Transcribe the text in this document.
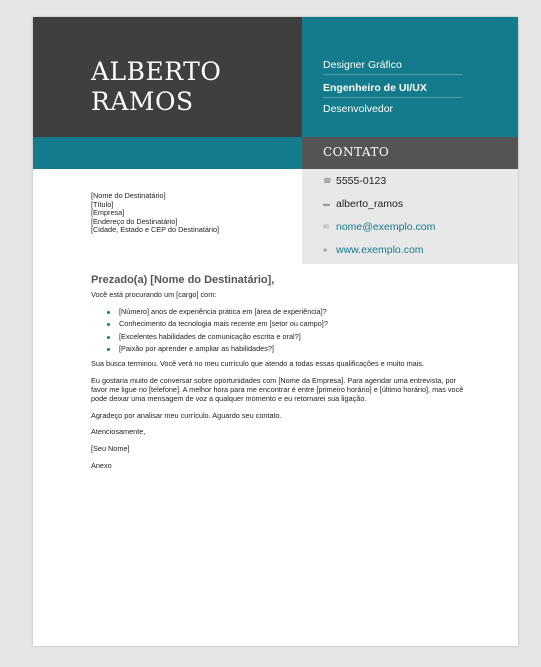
ALBERTO
RAMOS
Designer Gráfico
Engenheiro de UI/UX
Desenvolvedor
CONTATO
☎ 5555-0123
▬ alberto_ramos
✉ nome@exemplo.com
● www.exemplo.com
[Nome do Destinatário]
[Título]
[Empresa]
[Endereço do Destinatário]
[Cidade, Estado e CEP do Destinatário]
Prezado(a) [Nome do Destinatário],

Você está procurando um [cargo] com:

[Número] anos de experiência prática em [área de experiência]?
Conhecimento da tecnologia mais recente em [setor ou campo]?
[Excelentes habilidades de comunicação escrita e oral?]
[Paixão por aprender e ampliar as habilidades?]

Sua busca terminou. Você verá no meu currículo que atendo a todas essas qualificações e muito mais.

Eu gostaria muito de conversar sobre oportunidades com [Nome da Empresa]. Para agendar uma entrevista, por favor me ligue no [telefone]. A melhor hora para me encontrar é entre [primeiro horário] e [último horário], mas você pode deixar uma mensagem de voz a qualquer momento e eu retornarei sua ligação.

Agradeço por analisar meu currículo. Aguardo seu contato.

Atenciosamente,

[Seu Nome]

Anexo
